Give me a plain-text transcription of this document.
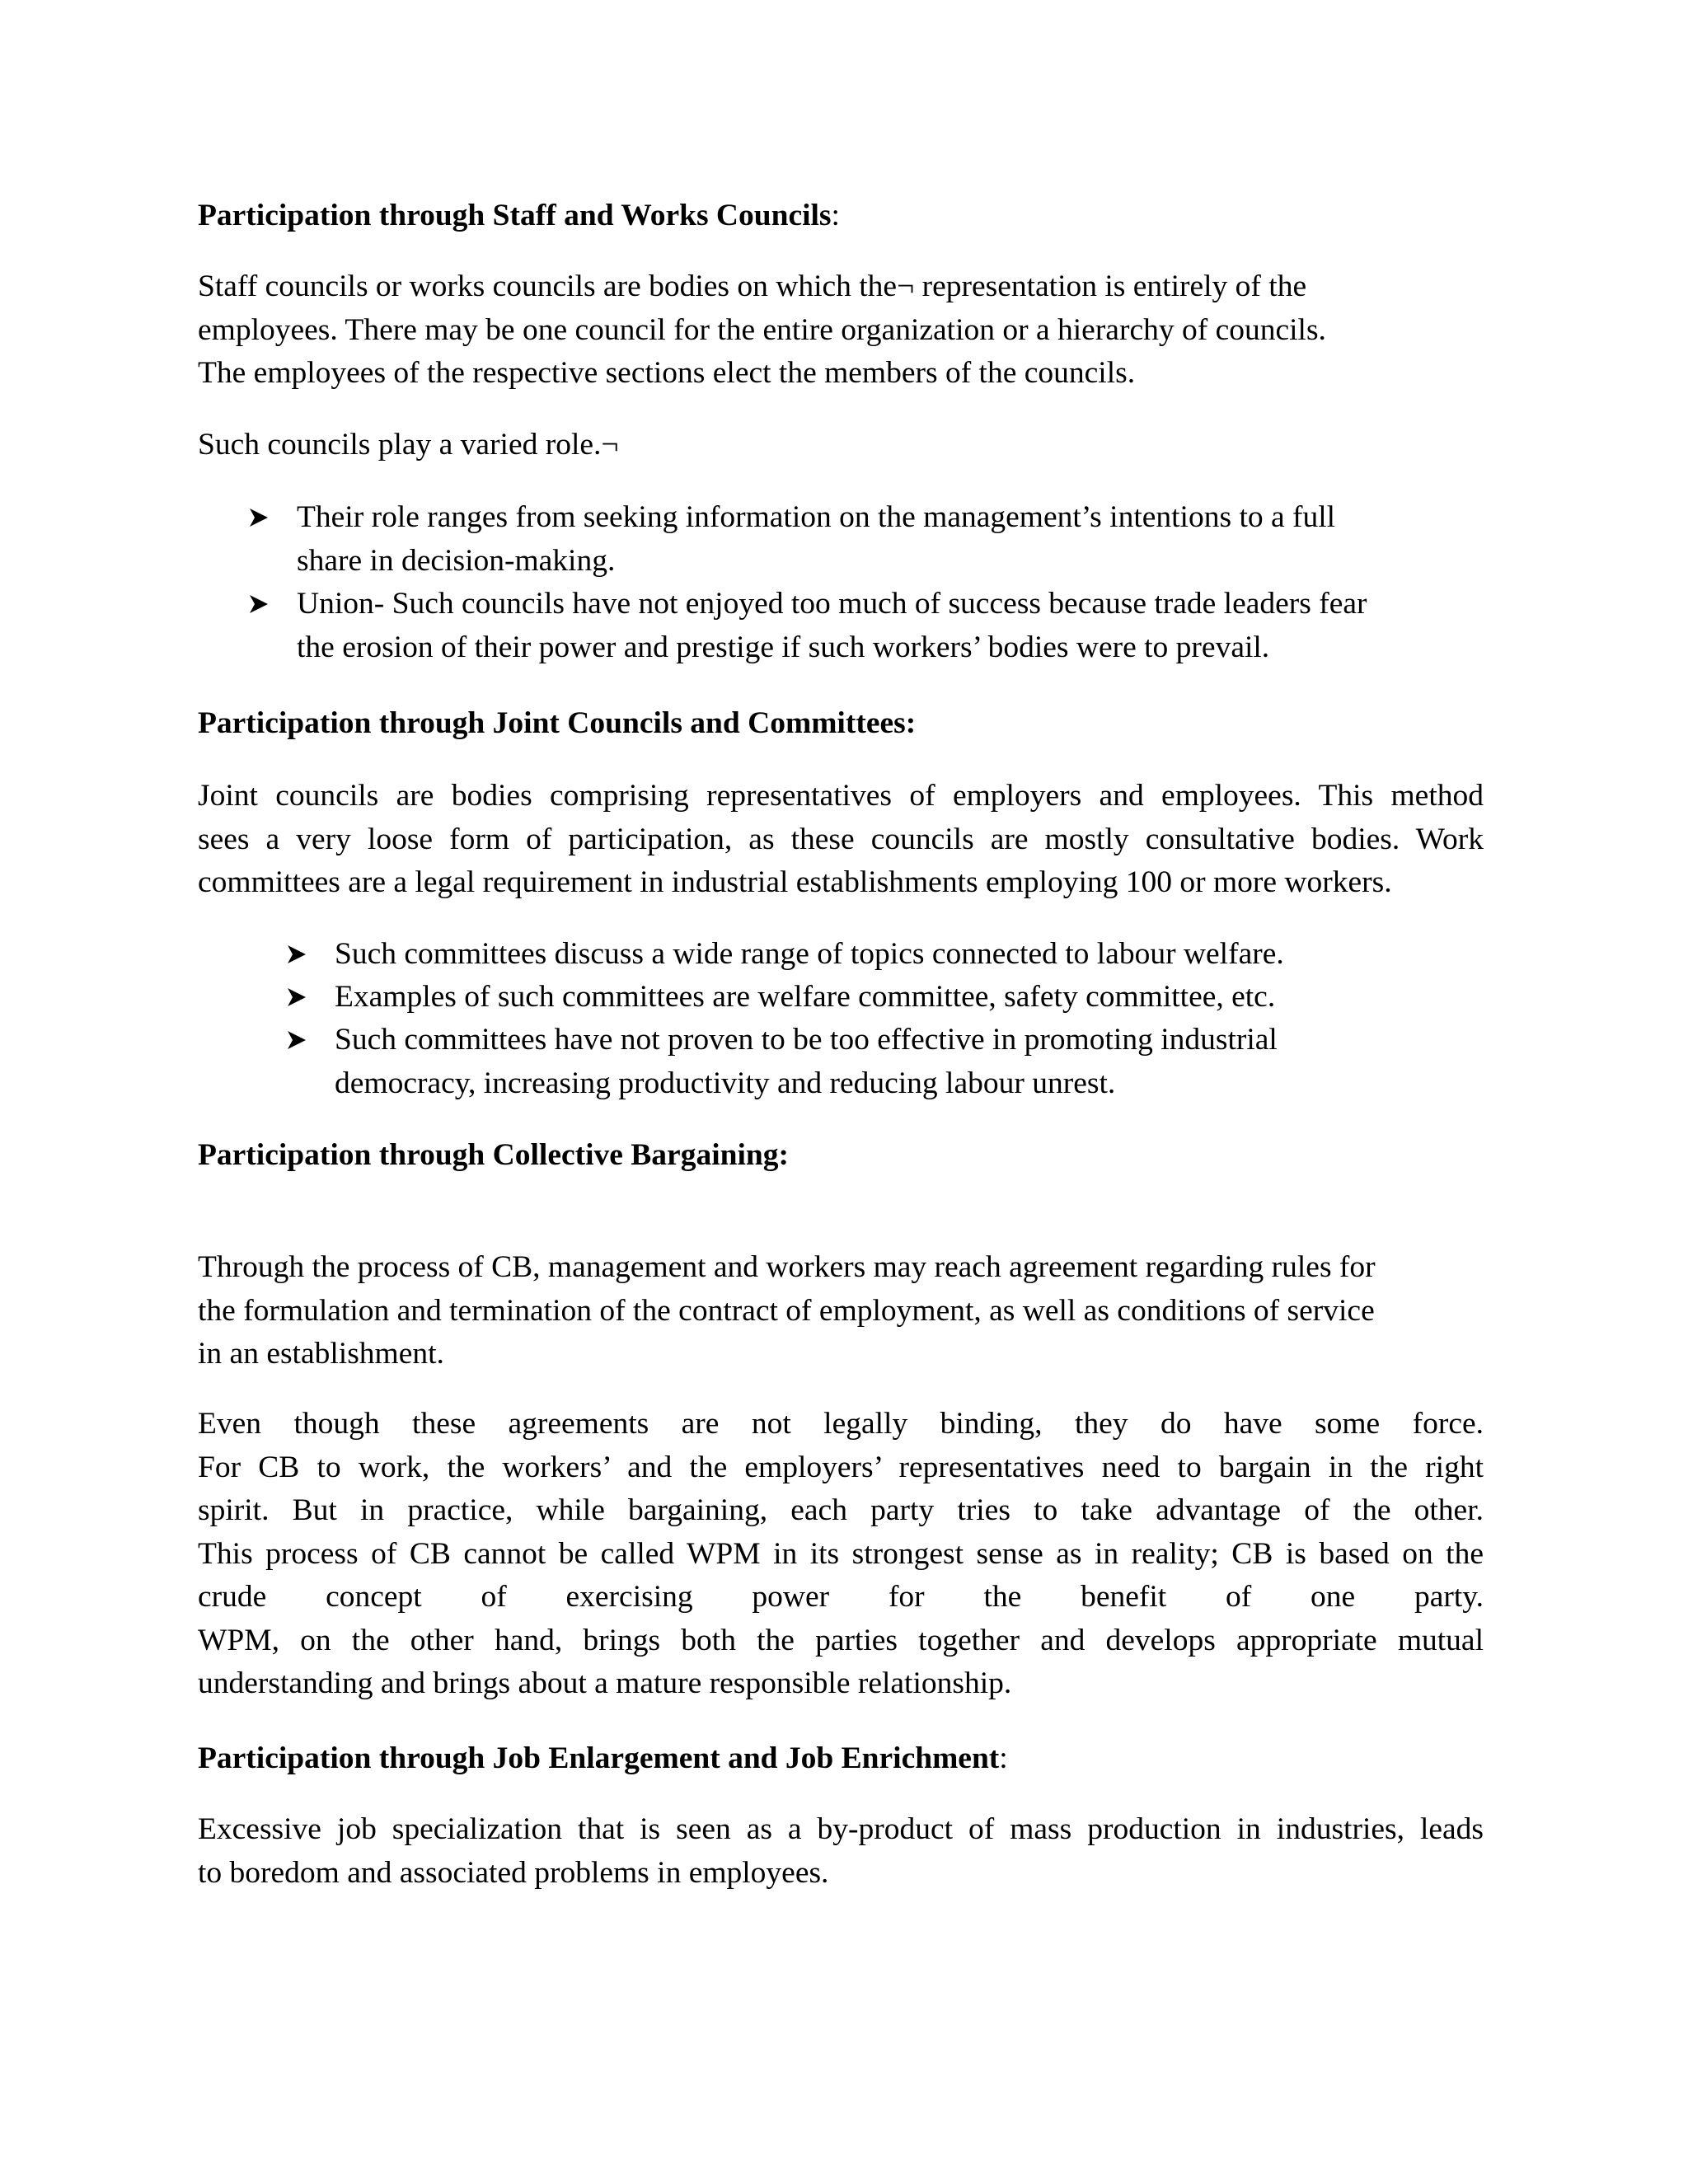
Participation through Staff and Works Councils:

Staff councils or works councils are bodies on which the¬ representation is entirely of the
employees. There may be one council for the entire organization or a hierarchy of councils.
The employees of the respective sections elect the members of the councils.

Such councils play a varied role.¬

Their role ranges from seeking information on the management’s intentions to a full
share in decision-making.
Union- Such councils have not enjoyed too much of success because trade leaders fear
the erosion of their power and prestige if such workers’ bodies were to prevail.
Participation through Joint Councils and Committees:

Joint councils are bodies comprising representatives of employers and employees. This method
sees a very loose form of participation, as these councils are mostly consultative bodies. Work
committees are a legal requirement in industrial establishments employing 100 or more workers.

Such committees discuss a wide range of topics connected to labour welfare.
Examples of such committees are welfare committee, safety committee, etc.
Such committees have not proven to be too effective in promoting industrial
democracy, increasing productivity and reducing labour unrest.
Participation through Collective Bargaining:

Through the process of CB, management and workers may reach agreement regarding rules for
the formulation and termination of the contract of employment, as well as conditions of service
in an establishment.

Even though these agreements are not legally binding, they do have some force.
For CB to work, the workers’ and the employers’ representatives need to bargain in the right
spirit. But in practice, while bargaining, each party tries to take advantage of the other.
This process of CB cannot be called WPM in its strongest sense as in reality; CB is based on the
crude concept of exercising power for the benefit of one party.
WPM, on the other hand, brings both the parties together and develops appropriate mutual
understanding and brings about a mature responsible relationship.

Participation through Job Enlargement and Job Enrichment:

Excessive job specialization that is seen as a by-product of mass production in industries, leads
to boredom and associated problems in employees.
